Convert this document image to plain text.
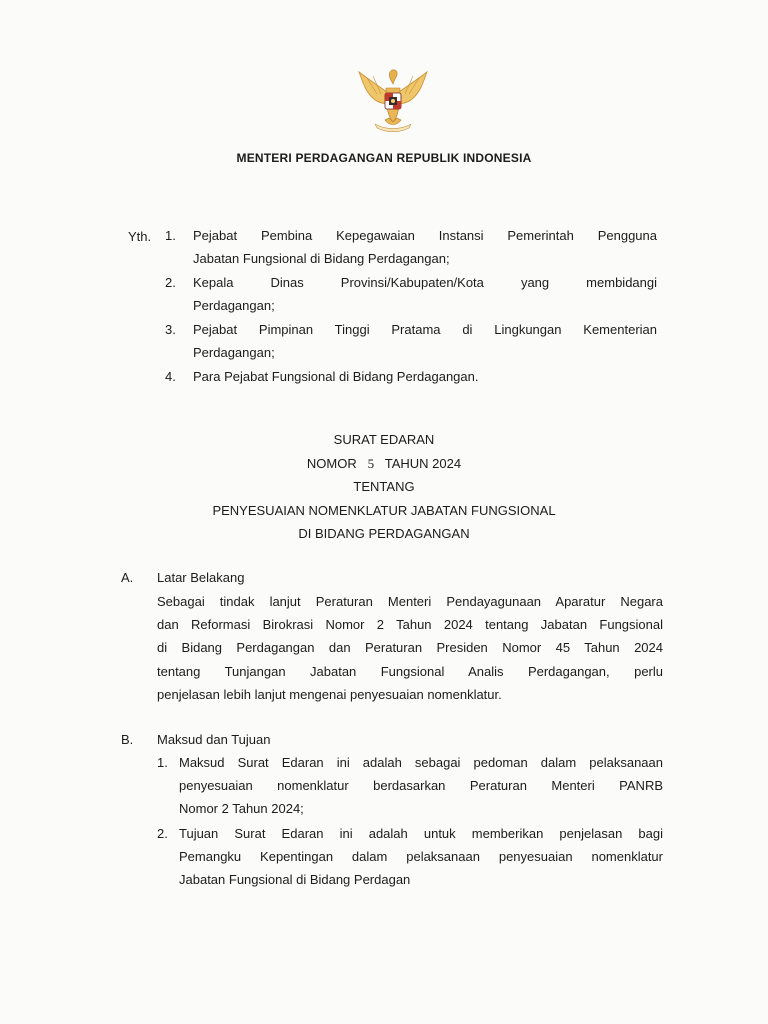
MENTERI PERDAGANGAN REPUBLIK INDONESIA
Yth. 1.	Pejabat Pembina Kepegawaian Instansi Pemerintah Pengguna
Jabatan Fungsional di Bidang Perdagangan;
2.	Kepala Dinas Provinsi/Kabupaten/Kota yang membidangi
Perdagangan;
3.	Pejabat Pimpinan Tinggi Pratama di Lingkungan Kementerian
Perdagangan;
4.	Para Pejabat Fungsional di Bidang Perdagangan.
SURAT EDARAN
NOMOR 5 TAHUN 2024
TENTANG
PENYESUAIAN NOMENKLATUR JABATAN FUNGSIONAL
DI BIDANG PERDAGANGAN
A. Latar Belakang
Sebagai tindak lanjut Peraturan Menteri Pendayagunaan Aparatur Negara
dan Reformasi Birokrasi Nomor 2 Tahun 2024 tentang Jabatan Fungsional
di Bidang Perdagangan dan Peraturan Presiden Nomor 45 Tahun 2024
tentang Tunjangan Jabatan Fungsional Analis Perdagangan, perlu
penjelasan lebih lanjut mengenai penyesuaian nomenklatur.
B. Maksud dan Tujuan
1. Maksud Surat Edaran ini adalah sebagai pedoman dalam pelaksanaan
penyesuaian nomenklatur berdasarkan Peraturan Menteri PANRB
Nomor 2 Tahun 2024;
2. Tujuan Surat Edaran ini adalah untuk memberikan penjelasan bagi
Pemangku Kepentingan dalam pelaksanaan penyesuaian nomenklatur
Jabatan Fungsional di Bidang Perdagan
